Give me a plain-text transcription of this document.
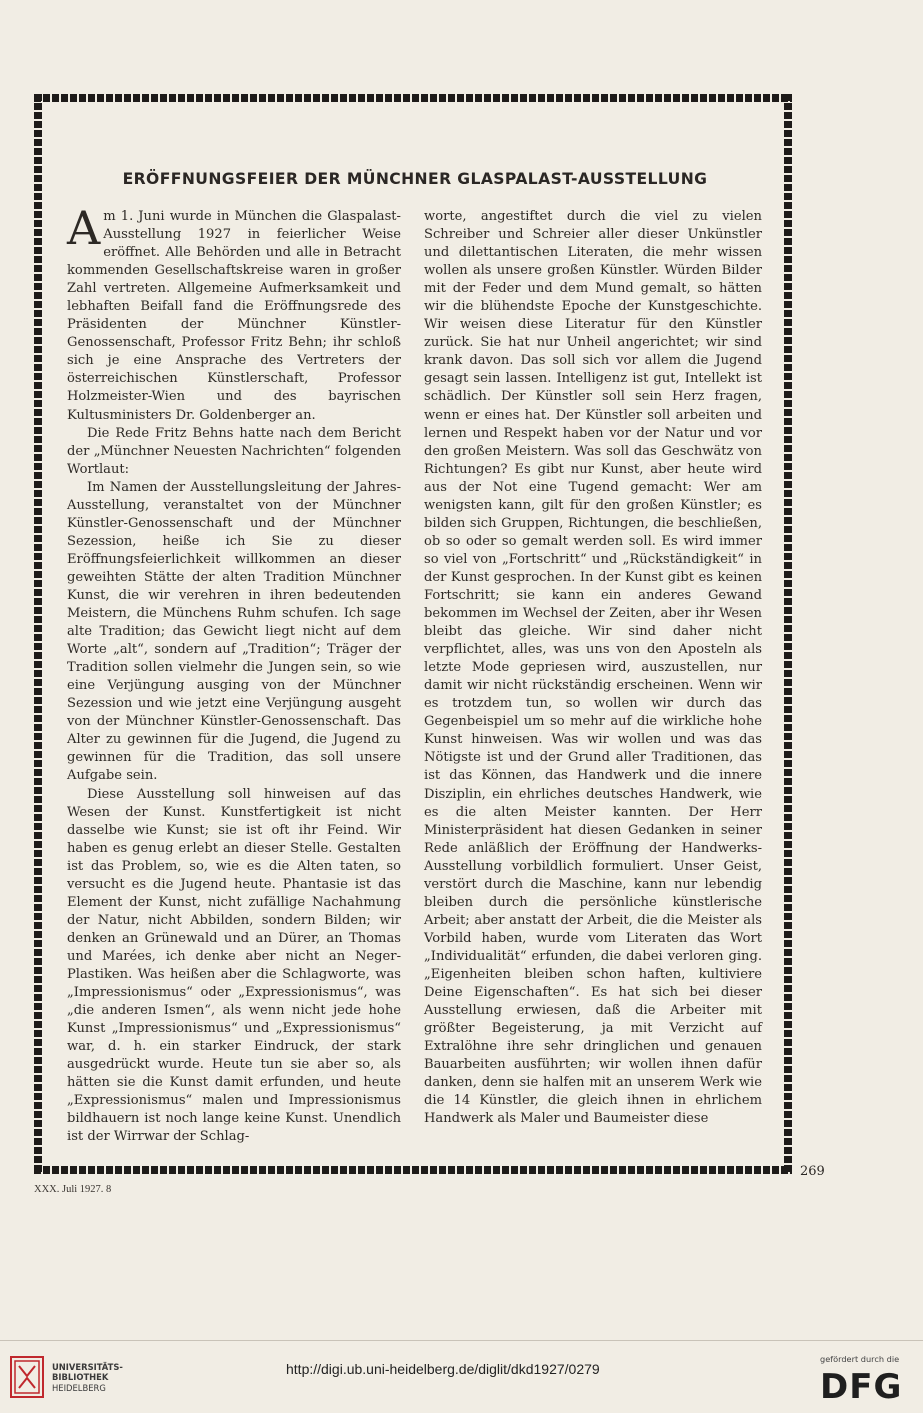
ERÖFFNUNGSFEIER DER MÜNCHNER GLASPALAST-AUSSTELLUNG

Am 1. Juni wurde in München die Glaspalast-Ausstellung 1927 in feierlicher Weise eröffnet. Alle Behörden und alle in Betracht kommenden Gesellschaftskreise waren in großer Zahl vertreten. Allgemeine Aufmerksamkeit und lebhaften Beifall fand die Eröffnungsrede des Präsidenten der Münchner Künstler-Genossenschaft, Professor Fritz Behn; ihr schloß sich je eine Ansprache des Vertreters der österreichischen Künstlerschaft, Professor Holzmeister-Wien und des bayrischen Kultusministers Dr. Goldenberger an.

Die Rede Fritz Behns hatte nach dem Bericht der „Münchner Neuesten Nachrichten“ folgenden Wortlaut:

Im Namen der Ausstellungsleitung der Jahres-Ausstellung, veranstaltet von der Münchner Künstler-Genossenschaft und der Münchner Sezession, heiße ich Sie zu dieser Eröffnungsfeierlichkeit willkommen an dieser geweihten Stätte der alten Tradition Münchner Kunst, die wir verehren in ihren bedeutenden Meistern, die Münchens Ruhm schufen. Ich sage alte Tradition; das Gewicht liegt nicht auf dem Worte „alt“, sondern auf „Tradition“; Träger der Tradition sollen vielmehr die Jungen sein, so wie eine Verjüngung ausging von der Münchner Sezession und wie jetzt eine Verjüngung ausgeht von der Münchner Künstler-Genossenschaft. Das Alter zu gewinnen für die Jugend, die Jugend zu gewinnen für die Tradition, das soll unsere Aufgabe sein.

Diese Ausstellung soll hinweisen auf das Wesen der Kunst. Kunstfertigkeit ist nicht dasselbe wie Kunst; sie ist oft ihr Feind. Wir haben es genug erlebt an dieser Stelle. Gestalten ist das Problem, so, wie es die Alten taten, so versucht es die Jugend heute. Phantasie ist das Element der Kunst, nicht zufällige Nachahmung der Natur, nicht Abbilden, sondern Bilden; wir denken an Grünewald und an Dürer, an Thomas und Marées, ich denke aber nicht an Neger-Plastiken. Was heißen aber die Schlagworte, was „Impressionismus“ oder „Expressionismus“, was „die anderen Ismen“, als wenn nicht jede hohe Kunst „Impressionismus“ und „Expressionismus“ war, d. h. ein starker Eindruck, der stark ausgedrückt wurde. Heute tun sie aber so, als hätten sie die Kunst damit erfunden, und heute „Expressionismus“ malen und Impressionismus bildhauern ist noch lange keine Kunst. Unendlich ist der Wirrwar der Schlag-

worte, angestiftet durch die viel zu vielen Schreiber und Schreier aller dieser Unkünstler und dilettantischen Literaten, die mehr wissen wollen als unsere großen Künstler. Würden Bilder mit der Feder und dem Mund gemalt, so hätten wir die blühendste Epoche der Kunstgeschichte. Wir weisen diese Literatur für den Künstler zurück. Sie hat nur Unheil angerichtet; wir sind krank davon. Das soll sich vor allem die Jugend gesagt sein lassen. Intelligenz ist gut, Intellekt ist schädlich. Der Künstler soll sein Herz fragen, wenn er eines hat. Der Künstler soll arbeiten und lernen und Respekt haben vor der Natur und vor den großen Meistern. Was soll das Geschwätz von Richtungen? Es gibt nur Kunst, aber heute wird aus der Not eine Tugend gemacht: Wer am wenigsten kann, gilt für den großen Künstler; es bilden sich Gruppen, Richtungen, die beschließen, ob so oder so gemalt werden soll. Es wird immer so viel von „Fortschritt“ und „Rückständigkeit“ in der Kunst gesprochen. In der Kunst gibt es keinen Fortschritt; sie kann ein anderes Gewand bekommen im Wechsel der Zeiten, aber ihr Wesen bleibt das gleiche. Wir sind daher nicht verpflichtet, alles, was uns von den Aposteln als letzte Mode gepriesen wird, auszustellen, nur damit wir nicht rückständig erscheinen. Wenn wir es trotzdem tun, so wollen wir durch das Gegenbeispiel um so mehr auf die wirkliche hohe Kunst hinweisen. Was wir wollen und was das Nötigste ist und der Grund aller Traditionen, das ist das Können, das Handwerk und die innere Disziplin, ein ehrliches deutsches Handwerk, wie es die alten Meister kannten. Der Herr Ministerpräsident hat diesen Gedanken in seiner Rede anläßlich der Eröffnung der Handwerks-Ausstellung vorbildlich formuliert. Unser Geist, verstört durch die Maschine, kann nur lebendig bleiben durch die persönliche künstlerische Arbeit; aber anstatt der Arbeit, die die Meister als Vorbild haben, wurde vom Literaten das Wort „Individualität“ erfunden, die dabei verloren ging. „Eigenheiten bleiben schon haften, kultiviere Deine Eigenschaften“. Es hat sich bei dieser Ausstellung erwiesen, daß die Arbeiter mit größter Begeisterung, ja mit Verzicht auf Extralöhne ihre sehr dringlichen und genauen Bauarbeiten ausführten; wir wollen ihnen dafür danken, denn sie halfen mit an unserem Werk wie die 14 Künstler, die gleich ihnen in ehrlichem Handwerk als Maler und Baumeister diese

269
XXX. Juli 1927. 8
UNIVERSITÄTS-
BIBLIOTHEK
HEIDELBERG
http://digi.ub.uni-heidelberg.de/diglit/dkd1927/0279
gefördert durch die
DFG
